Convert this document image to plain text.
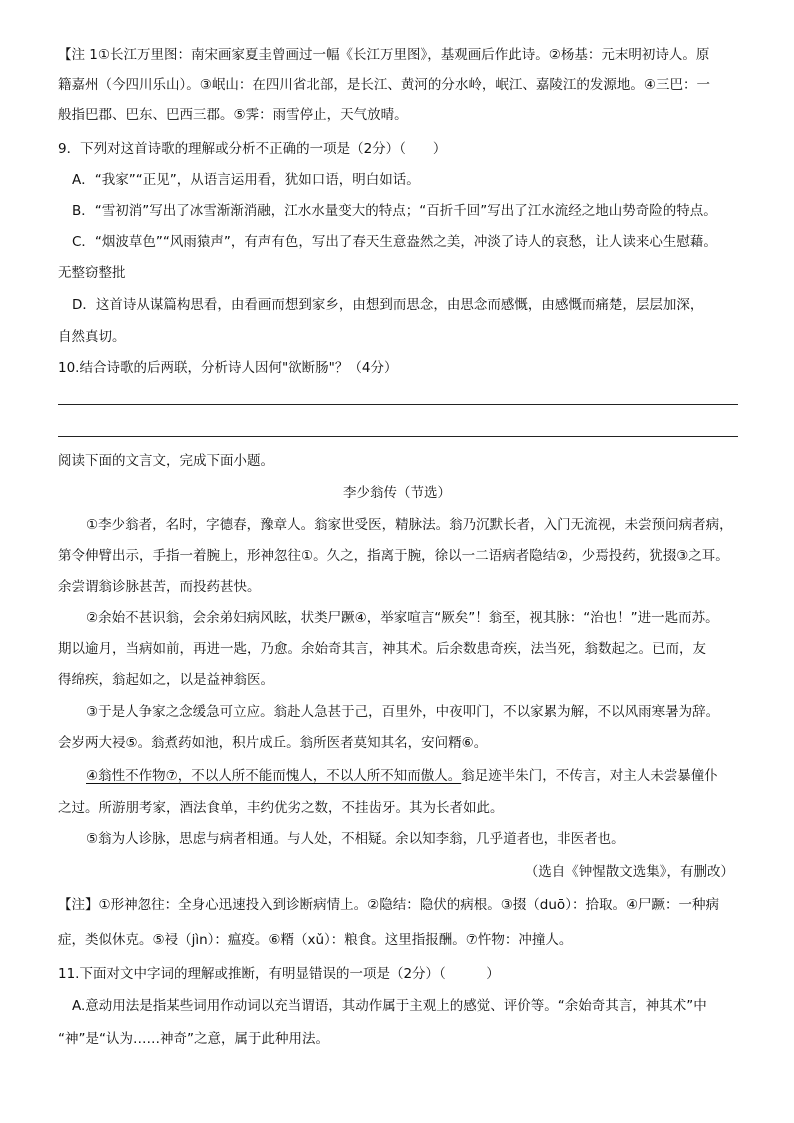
【注 1①长江万里图：南宋画家夏圭曾画过一幅《长江万里图》，基观画后作此诗。②杨基：元末明初诗人。原
籍嘉州（今四川乐山）。③岷山：在四川省北部，是长江、黄河的分水岭，岷江、嘉陵江的发源地。④三巴：一
般指巴郡、巴东、巴西三郡。⑤霁：雨雪停止，天气放晴。
9．下列对这首诗歌的理解或分析不正确的一项是（2分）（　　）
A．“我家”“正见”，从语言运用看，犹如口语，明白如话。
B．“雪初消”写出了冰雪渐渐消融，江水水量变大的特点；“百折千回”写出了江水流经之地山势奇险的特点。
C．“烟波草色”“风雨猿声”，有声有色，写出了春天生意盎然之美，冲淡了诗人的哀愁，让人读来心生慰藉。
无整窃整批
D．这首诗从谋篇构思看，由看画而想到家乡，由想到而思念，由思念而感慨，由感慨而痛楚，层层加深，
自然真切。
10.结合诗歌的后两联，分析诗人因何"欲断肠"？（4分）
阅读下面的文言文，完成下面小题。
李少翁传（节选）
①李少翁者，名时，字德春，豫章人。翁家世受医，精脉法。翁乃沉默长者，入门无流视，未尝预问病者病，
第令伸臂出示，手指一着腕上，形神忽往①。久之，指离于腕，徐以一二语病者隐结②，少焉投药，犹掇③之耳。
余尝谓翁诊脉甚苦，而投药甚快。
②余始不甚识翁，会余弟妇病风眩，状类尸蹶④，举家喧言“厥矣”！翁至，视其脉：“治也！”进一匙而苏。
期以逾月，当病如前，再进一匙，乃愈。余始奇其言，神其术。后余数患奇疾，法当死，翁数起之。已而，友
得绵疾，翁起如之，以是益神翁医。
③于是人争家之念缓急可立应。翁赴人急甚于己，百里外，中夜叩门，不以家累为解，不以风雨寒暑为辞。
会岁两大祲⑤。翁煮药如池，积片成丘。翁所医者莫知其名，安问糈⑥。
④翁性不作物⑦，不以人所不能而愧人，不以人所不知而傲人。翁足迹半朱门，不传言，对主人未尝暴僮仆
之过。所游朋考家，酒法食单，丰约优劣之数，不挂齿牙。其为长者如此。
⑤翁为人诊脉，思虑与病者相通。与人处，不相疑。余以知李翁，几乎道者也，非医者也。
（选自《钟惺散文选集》，有删改）
【注】①形神忽往：全身心迅速投入到诊断病情上。②隐结：隐伏的病根。③掇（duō）：拾取。④尸蹶：一种病
症，类似休克。⑤祲（jìn）：瘟疫。⑥糈（xǔ）：粮食。这里指报酬。⑦忤物：冲撞人。
11.下面对文中字词的理解或推断，有明显错误的一项是（2分）（　　　）
A.意动用法是指某些词用作动词以充当谓语，其动作属于主观上的感觉、评价等。“余始奇其言，神其术”中
“神”是“认为……神奇”之意，属于此种用法。
